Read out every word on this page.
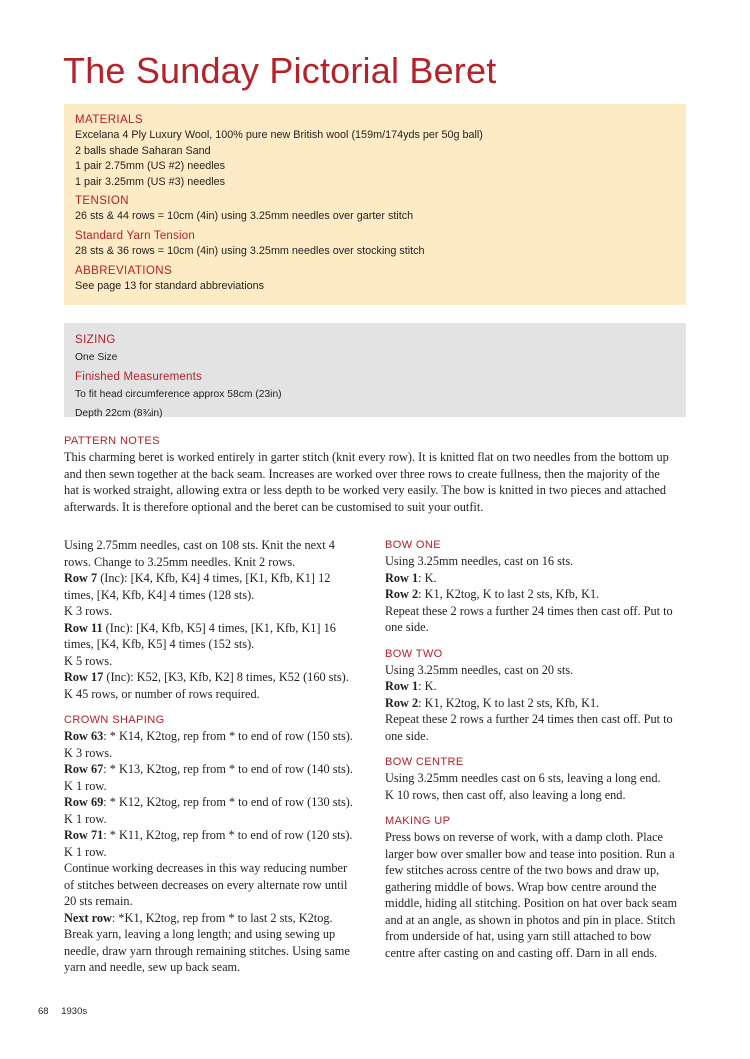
The Sunday Pictorial Beret
MATERIALS
Excelana 4 Ply Luxury Wool, 100% pure new British wool (159m/174yds per 50g ball)
2 balls shade Saharan Sand
1 pair 2.75mm (US #2) needles
1 pair 3.25mm (US #3) needles
TENSION
26 sts & 44 rows = 10cm (4in) using 3.25mm needles over garter stitch
Standard Yarn Tension
28 sts & 36 rows = 10cm (4in) using 3.25mm needles over stocking stitch
ABBREVIATIONS
See page 13 for standard abbreviations
SIZING
One Size
Finished Measurements
To fit head circumference approx 58cm (23in)
Depth 22cm (8¾in)
PATTERN NOTES
This charming beret is worked entirely in garter stitch (knit every row). It is knitted flat on two needles from the bottom up
and then sewn together at the back seam. Increases are worked over three rows to create fullness, then the majority of the
hat is worked straight, allowing extra or less depth to be worked very easily. The bow is knitted in two pieces and attached
afterwards. It is therefore optional and the beret can be customised to suit your outfit.
Using 2.75mm needles, cast on 108 sts. Knit the next 4
rows. Change to 3.25mm needles. Knit 2 rows.
Row 7 (Inc): [K4, Kfb, K4] 4 times, [K1, Kfb, K1] 12
times, [K4, Kfb, K4] 4 times (128 sts).
K 3 rows.
Row 11 (Inc): [K4, Kfb, K5] 4 times, [K1, Kfb, K1] 16
times, [K4, Kfb, K5] 4 times (152 sts).
K 5 rows.
Row 17 (Inc): K52, [K3, Kfb, K2] 8 times, K52 (160 sts).
K 45 rows, or number of rows required.
CROWN SHAPING
Row 63: * K14, K2tog, rep from * to end of row (150 sts).
K 3 rows.
Row 67: * K13, K2tog, rep from * to end of row (140 sts).
K 1 row.
Row 69: * K12, K2tog, rep from * to end of row (130 sts).
K 1 row.
Row 71: * K11, K2tog, rep from * to end of row (120 sts).
K 1 row.
Continue working decreases in this way reducing number
of stitches between decreases on every alternate row until
20 sts remain.
Next row: *K1, K2tog, rep from * to last 2 sts, K2tog.
Break yarn, leaving a long length; and using sewing up
needle, draw yarn through remaining stitches. Using same
yarn and needle, sew up back seam.
BOW ONE
Using 3.25mm needles, cast on 16 sts.
Row 1: K.
Row 2: K1, K2tog, K to last 2 sts, Kfb, K1.
Repeat these 2 rows a further 24 times then cast off. Put to
one side.
BOW TWO
Using 3.25mm needles, cast on 20 sts.
Row 1: K.
Row 2: K1, K2tog, K to last 2 sts, Kfb, K1.
Repeat these 2 rows a further 24 times then cast off. Put to
one side.
BOW CENTRE
Using 3.25mm needles cast on 6 sts, leaving a long end.
K 10 rows, then cast off, also leaving a long end.
MAKING UP
Press bows on reverse of work, with a damp cloth. Place
larger bow over smaller bow and tease into position. Run a
few stitches across centre of the two bows and draw up,
gathering middle of bows. Wrap bow centre around the
middle, hiding all stitching. Position on hat over back seam
and at an angle, as shown in photos and pin in place. Stitch
from underside of hat, using yarn still attached to bow
centre after casting on and casting off. Darn in all ends.
68 1930s
